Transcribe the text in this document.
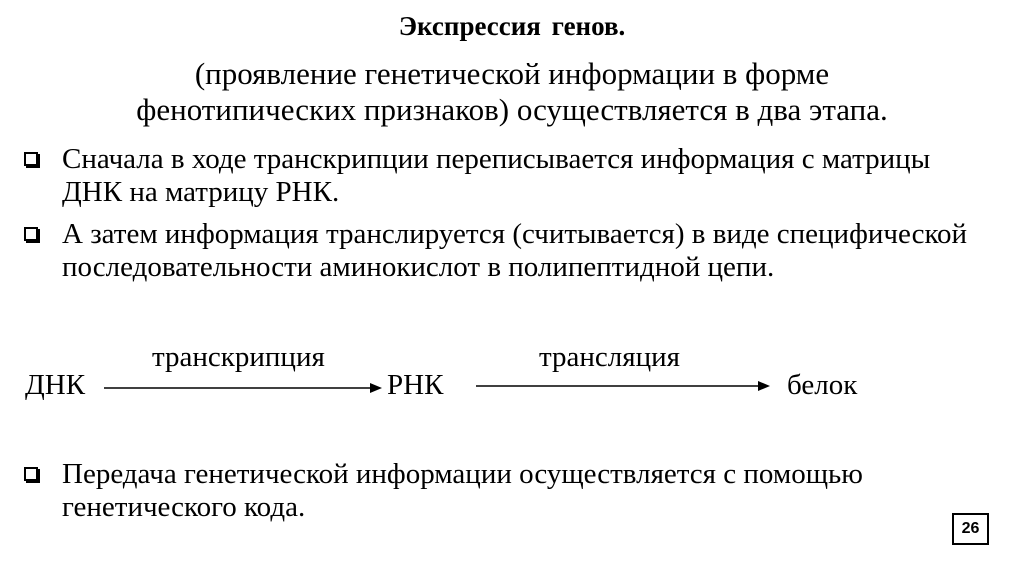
Экспрессия генов.
(проявление генетической информации в форме
фенотипических признаков) осуществляется в два этапа.
Сначала в ходе транскрипции переписывается информация с матрицы ДНК на матрицу РНК.
А затем информация транслируется (считывается) в виде специфической последовательности аминокислот в полипептидной цепи.
транскрипция	трансляция
ДНК	РНК	белок
Передача генетической информации осуществляется с помощью генетического кода.
26
